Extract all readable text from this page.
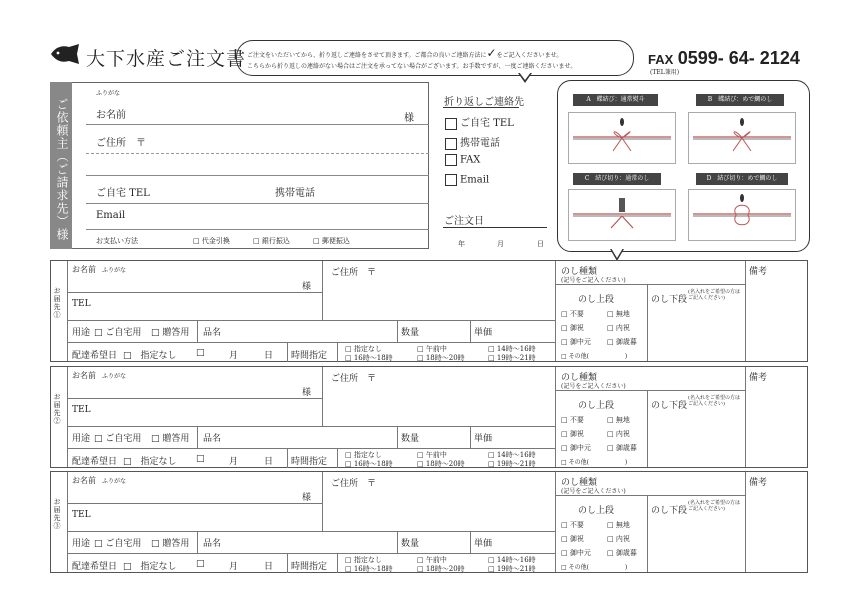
大下水産ご注文書 ご注文をいただいてから、折り返しご連絡をさせて頂きます。ご都合の良いご連絡方法に✓をご記入くださいませ。
こちらから折り返しの連絡がない場合はご注文を承ってない場合がございます。お手数ですが、一度ご連絡くださいませ。	FAX 0599- 64- 2124
(TEL兼用)
ご依頼主（ご請求先）様
ふりがな
お名前	様
ご住所　〒
ご自宅 TEL	携帯電話
Email
お支払い方法	□ 代金引換	□ 銀行振込	□ 郵便振込
折り返しご連絡先
ご自宅 TEL
携帯電話
FAX
Email
ご注文日
年	月	日
A　蝶結び：通常熨斗	B　蝶結び：めで鯛のし
C　結び切り：通常のし	D　結び切り：めで鯛のし
お届先①
お名前　 ふりがな
様
ご住所　〒
TEL
用途 □ ご自宅用 □ 贈答用 品名	数量	単価
配達希望日 □　指定なし □	月	日 時間指定
□ 指定なし	□ 午前中	□ 14時～16時
□ 16時～18時	□ 18時～20時	□ 19時～21時
のし種類
(記号をご記入ください)
のし上段	のし下段
(名入れをご希望の方はご記入ください)
□ 不要	□ 無地
□ 御祝	□ 内祝
□ 御中元 □ 御歳暮
□ その他(　　　　　　)
備考
お届先②
お名前　 ふりがな
様
ご住所　〒
TEL
用途 □ ご自宅用 □ 贈答用 品名	数量	単価
配達希望日 □　指定なし □	月	日 時間指定
□ 指定なし	□ 午前中	□ 14時～16時
□ 16時～18時	□ 18時～20時	□ 19時～21時
のし種類
(記号をご記入ください)
のし上段	のし下段
(名入れをご希望の方はご記入ください)
□ 不要	□ 無地
□ 御祝	□ 内祝
□ 御中元 □ 御歳暮
□ その他(　　　　　　)
備考
お届先③
お名前　 ふりがな
様
ご住所　〒
TEL
用途 □ ご自宅用 □ 贈答用 品名	数量	単価
配達希望日 □　指定なし □	月	日 時間指定
□ 指定なし	□ 午前中	□ 14時～16時
□ 16時～18時	□ 18時～20時	□ 19時～21時
のし種類
(記号をご記入ください)
のし上段	のし下段
(名入れをご希望の方はご記入ください)
□ 不要	□ 無地
□ 御祝	□ 内祝
□ 御中元 □ 御歳暮
□ その他(　　　　　　)
備考
